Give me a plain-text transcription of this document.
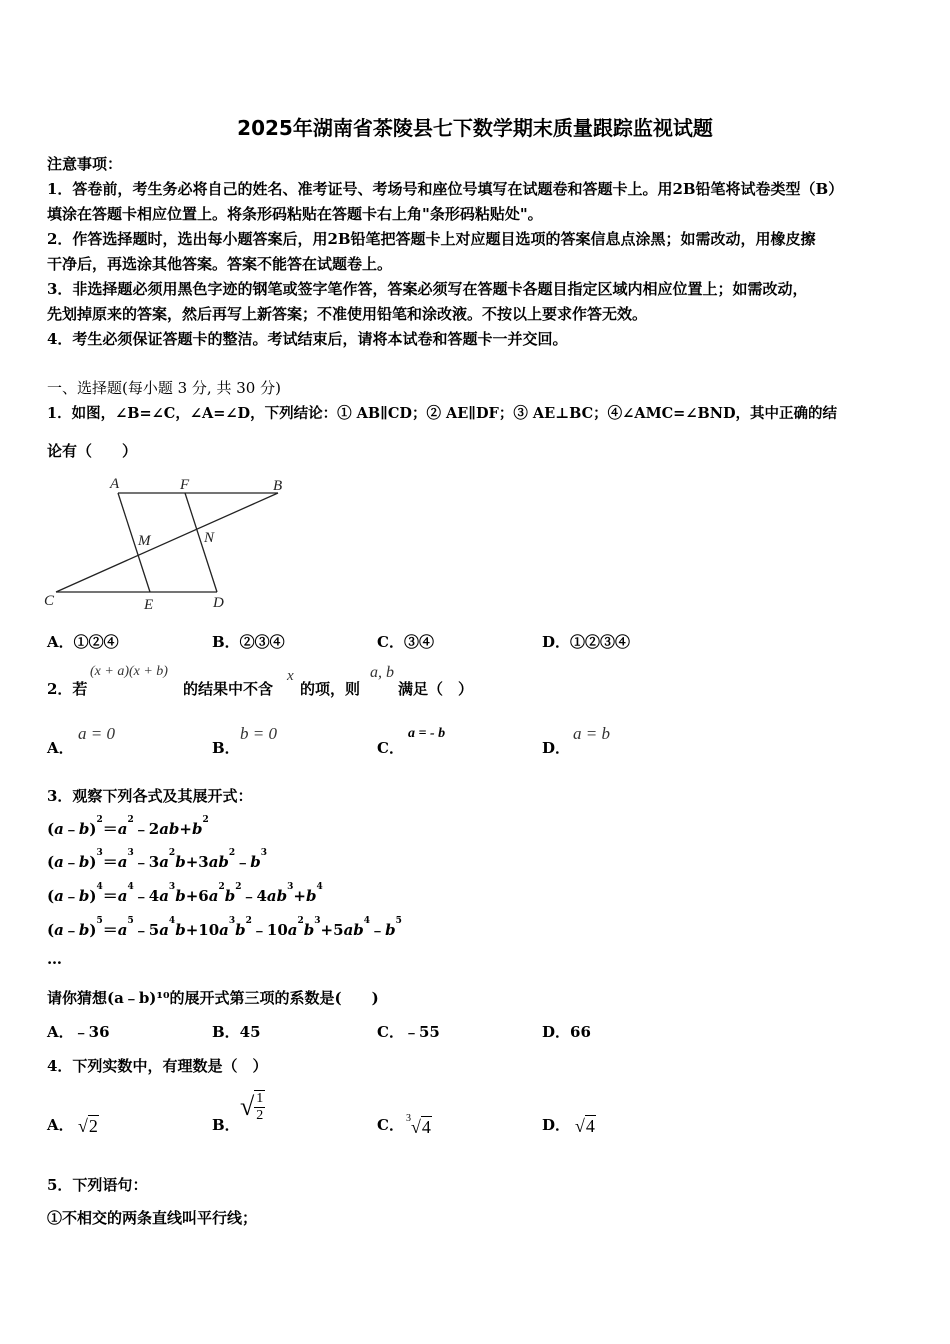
2025年湖南省茶陵县七下数学期末质量跟踪监视试题
注意事项：
1．答卷前，考生务必将自己的姓名、准考证号、考场号和座位号填写在试题卷和答题卡上。用2B铅笔将试卷类型（B）
填涂在答题卡相应位置上。将条形码粘贴在答题卡右上角"条形码粘贴处"。
2．作答选择题时，选出每小题答案后，用2B铅笔把答题卡上对应题目选项的答案信息点涂黑；如需改动，用橡皮擦
干净后，再选涂其他答案。答案不能答在试题卷上。
3．非选择题必须用黑色字迹的钢笔或签字笔作答，答案必须写在答题卡各题目指定区域内相应位置上；如需改动，
先划掉原来的答案，然后再写上新答案；不准使用铅笔和涂改液。不按以上要求作答无效。
4．考生必须保证答题卡的整洁。考试结束后，请将本试卷和答题卡一并交回。
一、选择题(每小题 3 分, 共 30 分)
1．如图，∠B=∠C，∠A=∠D，下列结论：① AB∥CD；② AE∥DF；③ AE⊥BC；④∠AMC=∠BND，其中正确的结
论有（　　）
A	F	B
M	N
C	E	D
A．①②④	B．②③④	C．③④	D．①②③④
2．若
(x + a)(x + b)
的结果中不含
x
的项，则
a, b
满足（　）
A．
a = 0
B．
b = 0
C．
a = - b
D．
a = b
3．观察下列各式及其展开式：
$(a﹣b)^2=a^2﹣2ab+b^2$
$(a﹣b)^3=a^3﹣3a^2b+3ab^2﹣b^3$
$(a﹣b)^4=a^4﹣4a^3b+6a^2b^2﹣4ab^3+b^4$
$(a﹣b)^5=a^5﹣5a^4b+10a^3b^2﹣10a^2b^3+5ab^4﹣b^5$
…
请你猜想(a﹣b)¹⁰的展开式第三项的系数是(　　)
A．﹣36	B．45	C．﹣55	D．66
4．下列实数中，有理数是（　）
A． √2	B．
√ $\frac{1}{2}$
C． $^3$√4	D． √4
5．下列语句：
①不相交的两条直线叫平行线；
